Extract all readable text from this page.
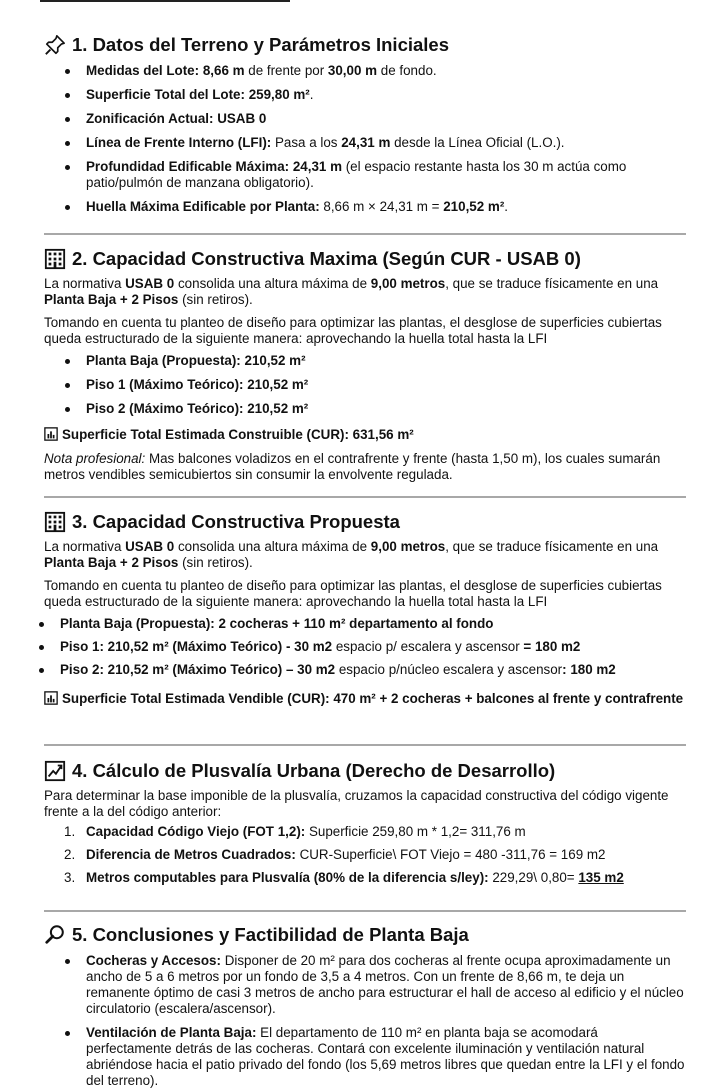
1. Datos del Terreno y Parámetros Iniciales
Medidas del Lote: 8,66 m de frente por 30,00 m de fondo.
Superficie Total del Lote: 259,80 m².
Zonificación Actual: USAB 0
Línea de Frente Interno (LFI): Pasa a los 24,31 m desde la Línea Oficial (L.O.).
Profundidad Edificable Máxima: 24,31 m (el espacio restante hasta los 30 m actúa como patio/pulmón de manzana obligatorio).
Huella Máxima Edificable por Planta: 8,66 m × 24,31 m = 210,52 m².
2. Capacidad Constructiva Maxima (Según CUR - USAB 0)

La normativa USAB 0 consolida una altura máxima de 9,00 metros, que se traduce físicamente en una Planta Baja + 2 Pisos (sin retiros).

Tomando en cuenta tu planteo de diseño para optimizar las plantas, el desglose de superficies cubiertas queda estructurado de la siguiente manera: aprovechando la huella total hasta la LFI

Planta Baja (Propuesta): 210,52 m²
Piso 1 (Máximo Teórico): 210,52 m²
Piso 2 (Máximo Teórico): 210,52 m²

Superficie Total Estimada Construible (CUR): 631,56 m²

Nota profesional: Mas balcones voladizos en el contrafrente y frente (hasta 1,50 m), los cuales sumarán metros vendibles semicubiertos sin consumir la envolvente regulada.

3. Capacidad Constructiva Propuesta

La normativa USAB 0 consolida una altura máxima de 9,00 metros, que se traduce físicamente en una Planta Baja + 2 Pisos (sin retiros).

Tomando en cuenta tu planteo de diseño para optimizar las plantas, el desglose de superficies cubiertas queda estructurado de la siguiente manera: aprovechando la huella total hasta la LFI

Planta Baja (Propuesta): 2 cocheras + 110 m² departamento al fondo
Piso 1: 210,52 m² (Máximo Teórico) - 30 m2 espacio p/ escalera y ascensor = 180 m2
Piso 2: 210,52 m² (Máximo Teórico) – 30 m2 espacio p/núcleo escalera y ascensor: 180 m2

Superficie Total Estimada Vendible (CUR): 470 m² + 2 cocheras + balcones al frente y contrafrente

4. Cálculo de Plusvalía Urbana (Derecho de Desarrollo)

Para determinar la base imponible de la plusvalía, cruzamos la capacidad constructiva del código vigente frente a la del código anterior:

1. Capacidad Código Viejo (FOT 1,2): Superficie 259,80 m * 1,2= 311,76 m
2. Diferencia de Metros Cuadrados: CUR-Superficie\ FOT Viejo = 480 -311,76 = 169 m2
3. Metros computables para Plusvalía (80% de la diferencia s/ley): 229,29\ 0,80= 135 m2
5. Conclusiones y Factibilidad de Planta Baja
Cocheras y Accesos: Disponer de 20 m² para dos cocheras al frente ocupa aproximadamente un ancho de 5 a 6 metros por un fondo de 3,5 a 4 metros. Con un frente de 8,66 m, te deja un remanente óptimo de casi 3 metros de ancho para estructurar el hall de acceso al edificio y el núcleo circulatorio (escalera/ascensor).
Ventilación de Planta Baja: El departamento de 110 m² en planta baja se acomodará perfectamente detrás de las cocheras. Contará con excelente iluminación y ventilación natural abriéndose hacia el patio privado del fondo (los 5,69 metros libres que quedan entre la LFI y el fondo del terreno).
